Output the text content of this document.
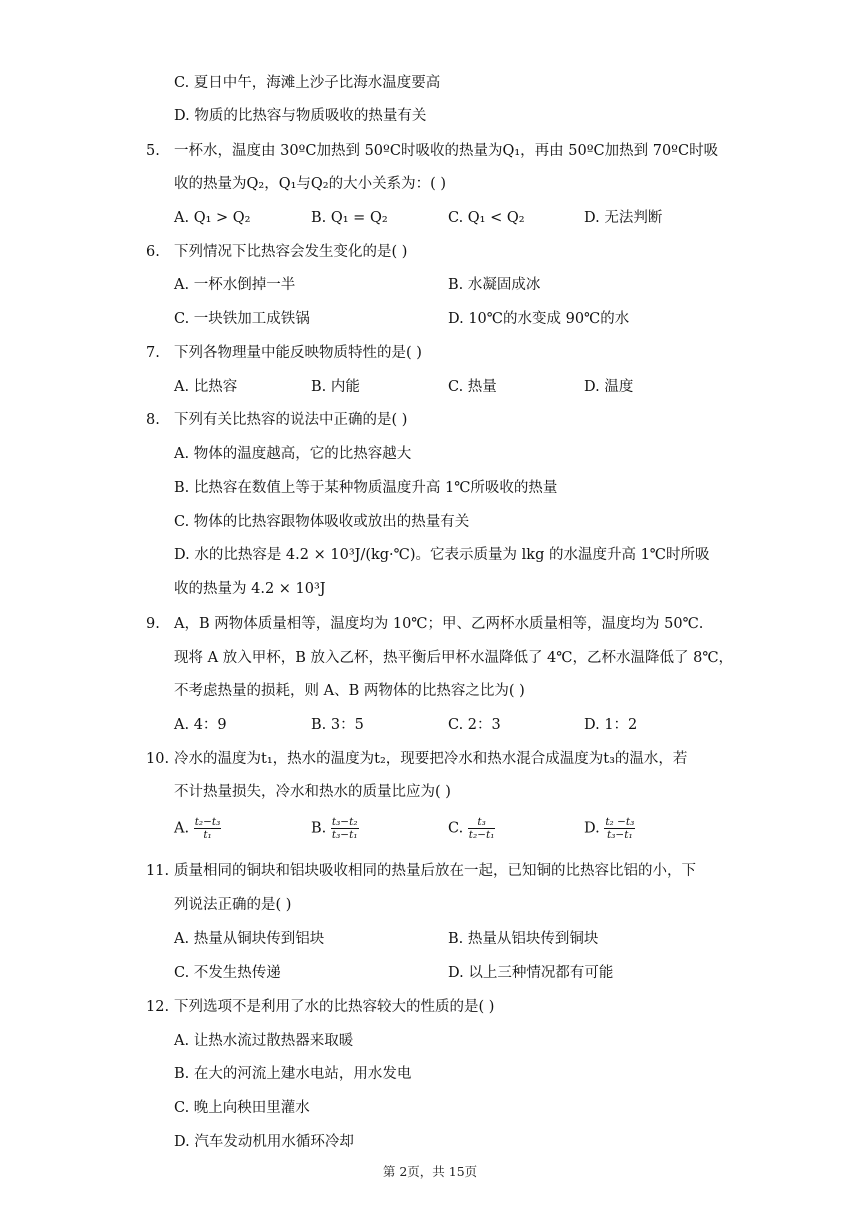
C. 夏日中午，海滩上沙子比海水温度要高
D. 物质的比热容与物质吸收的热量有关
5. 一杯水，温度由 30ºC加热到 50ºC时吸收的热量为Q₁，再由 50ºC加热到 70ºC时吸
收的热量为Q₂，Q₁与Q₂的大小关系为：( )
A. Q₁ > Q₂	B. Q₁ = Q₂	C. Q₁ < Q₂	D. 无法判断
6. 下列情况下比热容会发生变化的是( )
A. 一杯水倒掉一半	B. 水凝固成冰
C. 一块铁加工成铁锅	D. 10℃的水变成 90℃的水
7. 下列各物理量中能反映物质特性的是( )
A. 比热容	B. 内能	C. 热量	D. 温度
8. 下列有关比热容的说法中正确的是( )
A. 物体的温度越高，它的比热容越大
B. 比热容在数值上等于某种物质温度升高 1℃所吸收的热量
C. 物体的比热容跟物体吸收或放出的热量有关
D. 水的比热容是 4.2 × 10³J/(kg·℃)。它表示质量为 lkg 的水温度升高 1℃时所吸
收的热量为 4.2 × 10³J
9. A，B 两物体质量相等，温度均为 10℃；甲、乙两杯水质量相等，温度均为 50℃.
现将 A 放入甲杯，B 放入乙杯，热平衡后甲杯水温降低了 4℃，乙杯水温降低了 8℃，
不考虑热量的损耗，则 A、B 两物体的比热容之比为( )
A. 4：9	B. 3：5	C. 2：3	D. 1：2
10. 冷水的温度为t₁，热水的温度为t₂，现要把冷水和热水混合成温度为t₃的温水，若
不计热量损失，冷水和热水的质量比应为( )
A. $\frac{\text{t₂−t₃}}{\text{t₁}}$	B. $\frac{\text{t₃−t₂}}{\text{t₃−t₁}}$	C. $\frac{\text{t₃}}{\text{t₂−t₁}}$	D. $\frac{\text{t₂ −t₃}}{\text{t₃−t₁}}$
11. 质量相同的铜块和铝块吸收相同的热量后放在一起，已知铜的比热容比铝的小，下
列说法正确的是( )
A. 热量从铜块传到铝块	B. 热量从铝块传到铜块
C. 不发生热传递	D. 以上三种情况都有可能
12. 下列选项不是利用了水的比热容较大的性质的是( )
A. 让热水流过散热器来取暖
B. 在大的河流上建水电站，用水发电
C. 晚上向秧田里灌水
D. 汽车发动机用水循环冷却
第 2页，共 15页
